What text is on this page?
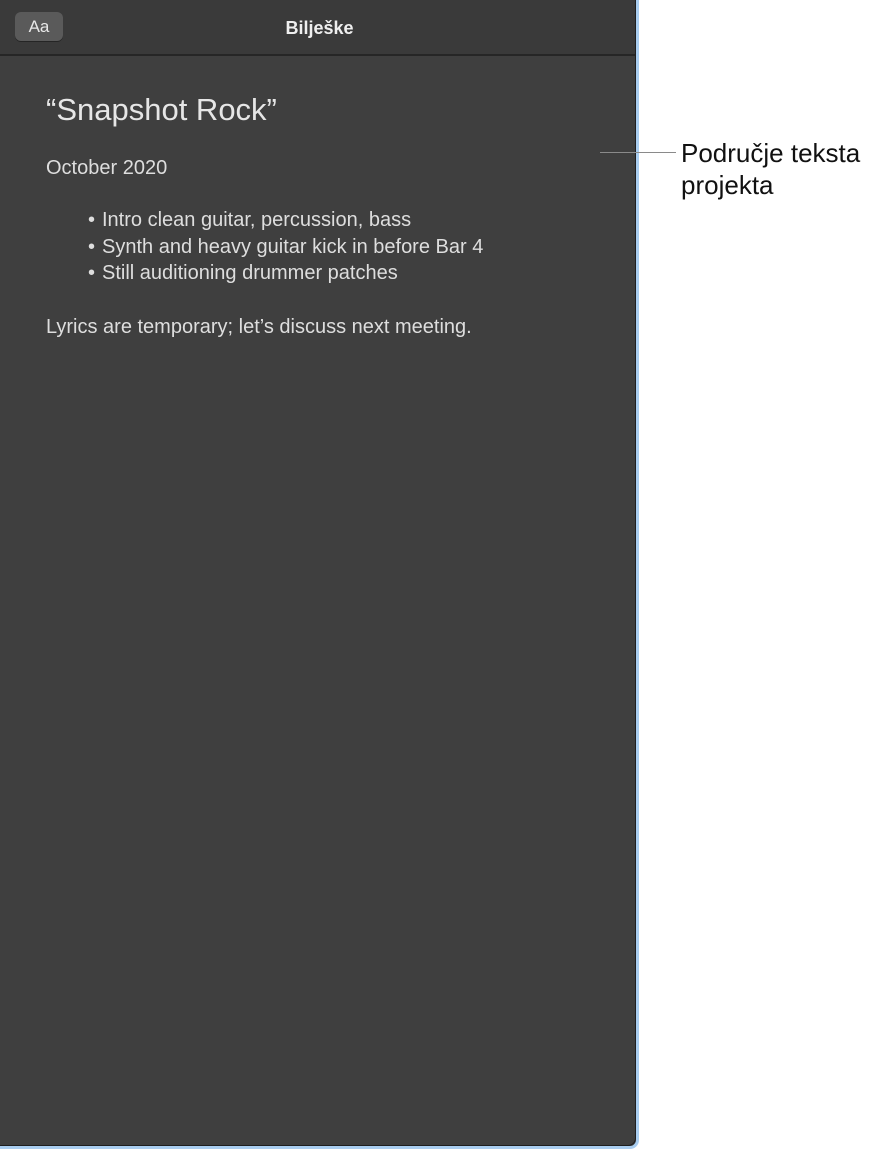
Bilješke
Aa
“Snapshot Rock”
October 2020
• Intro clean guitar, percussion, bass
• Synth and heavy guitar kick in before Bar 4
• Still auditioning drummer patches
Lyrics are temporary; let’s discuss next meeting.
Područje teksta
projekta
